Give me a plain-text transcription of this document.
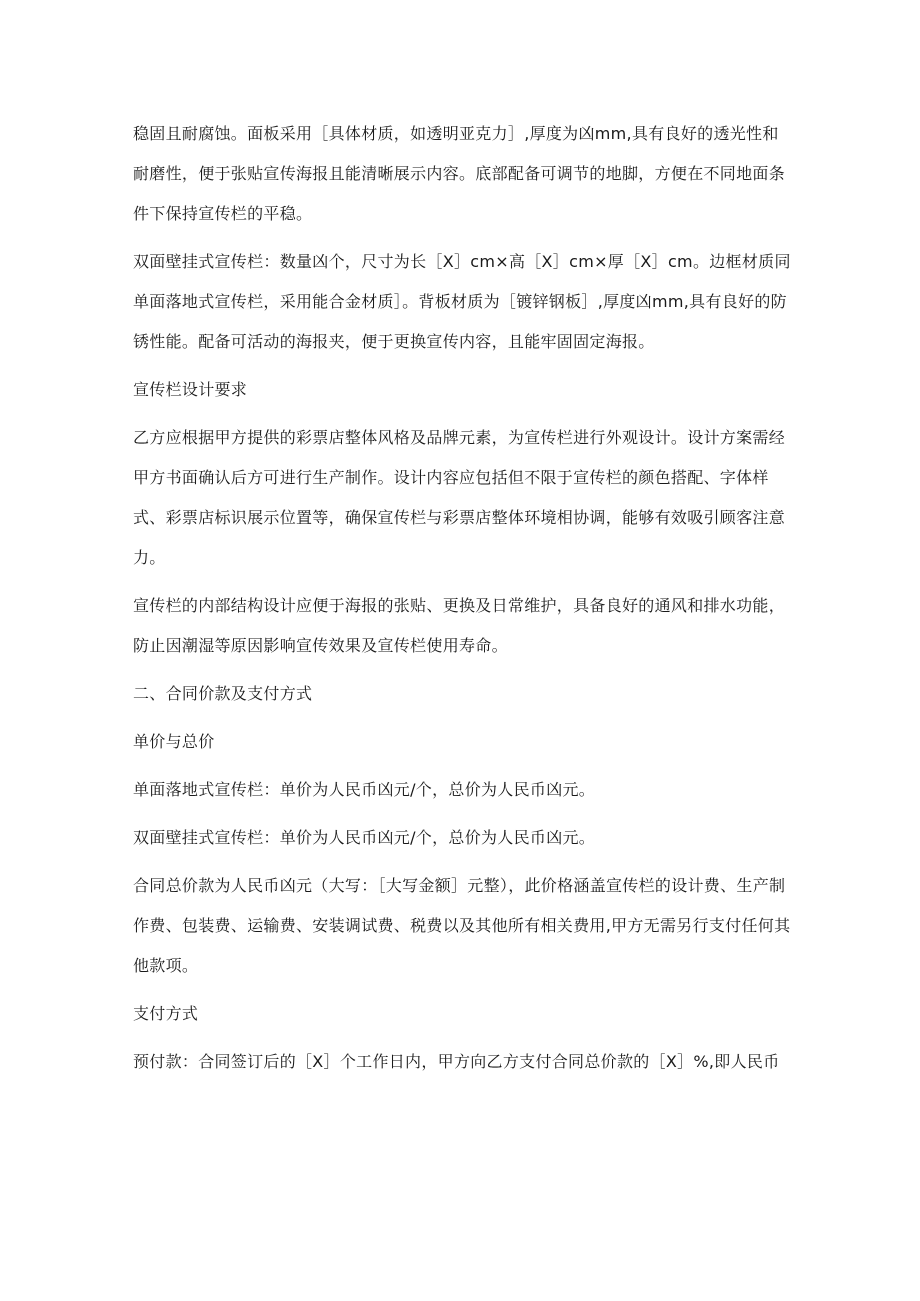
稳固且耐腐蚀。面板采用［具体材质，如透明亚克力］,厚度为凶mm,具有良好的透光性和耐磨性，便于张贴宣传海报且能清晰展示内容。底部配备可调节的地脚，方便在不同地面条件下保持宣传栏的平稳。

双面壁挂式宣传栏：数量凶个，尺寸为长［X］cm×高［X］cm×厚［X］cm。边框材质同单面落地式宣传栏，采用能合金材质］。背板材质为［镀锌钢板］,厚度凶mm,具有良好的防锈性能。配备可活动的海报夹，便于更换宣传内容，且能牢固固定海报。

宣传栏设计要求

乙方应根据甲方提供的彩票店整体风格及品牌元素，为宣传栏进行外观设计。设计方案需经甲方书面确认后方可进行生产制作。设计内容应包括但不限于宣传栏的颜色搭配、字体样式、彩票店标识展示位置等，确保宣传栏与彩票店整体环境相协调，能够有效吸引顾客注意力。

宣传栏的内部结构设计应便于海报的张贴、更换及日常维护，具备良好的通风和排水功能，防止因潮湿等原因影响宣传效果及宣传栏使用寿命。

二、合同价款及支付方式

单价与总价

单面落地式宣传栏：单价为人民币凶元/个，总价为人民币凶元。

双面壁挂式宣传栏：单价为人民币凶元/个，总价为人民币凶元。

合同总价款为人民币凶元（大写：［大写金额］元整），此价格涵盖宣传栏的设计费、生产制作费、包装费、运输费、安装调试费、税费以及其他所有相关费用,甲方无需另行支付任何其他款项。

支付方式

预付款：合同签订后的［X］个工作日内，甲方向乙方支付合同总价款的［X］%,即人民币
